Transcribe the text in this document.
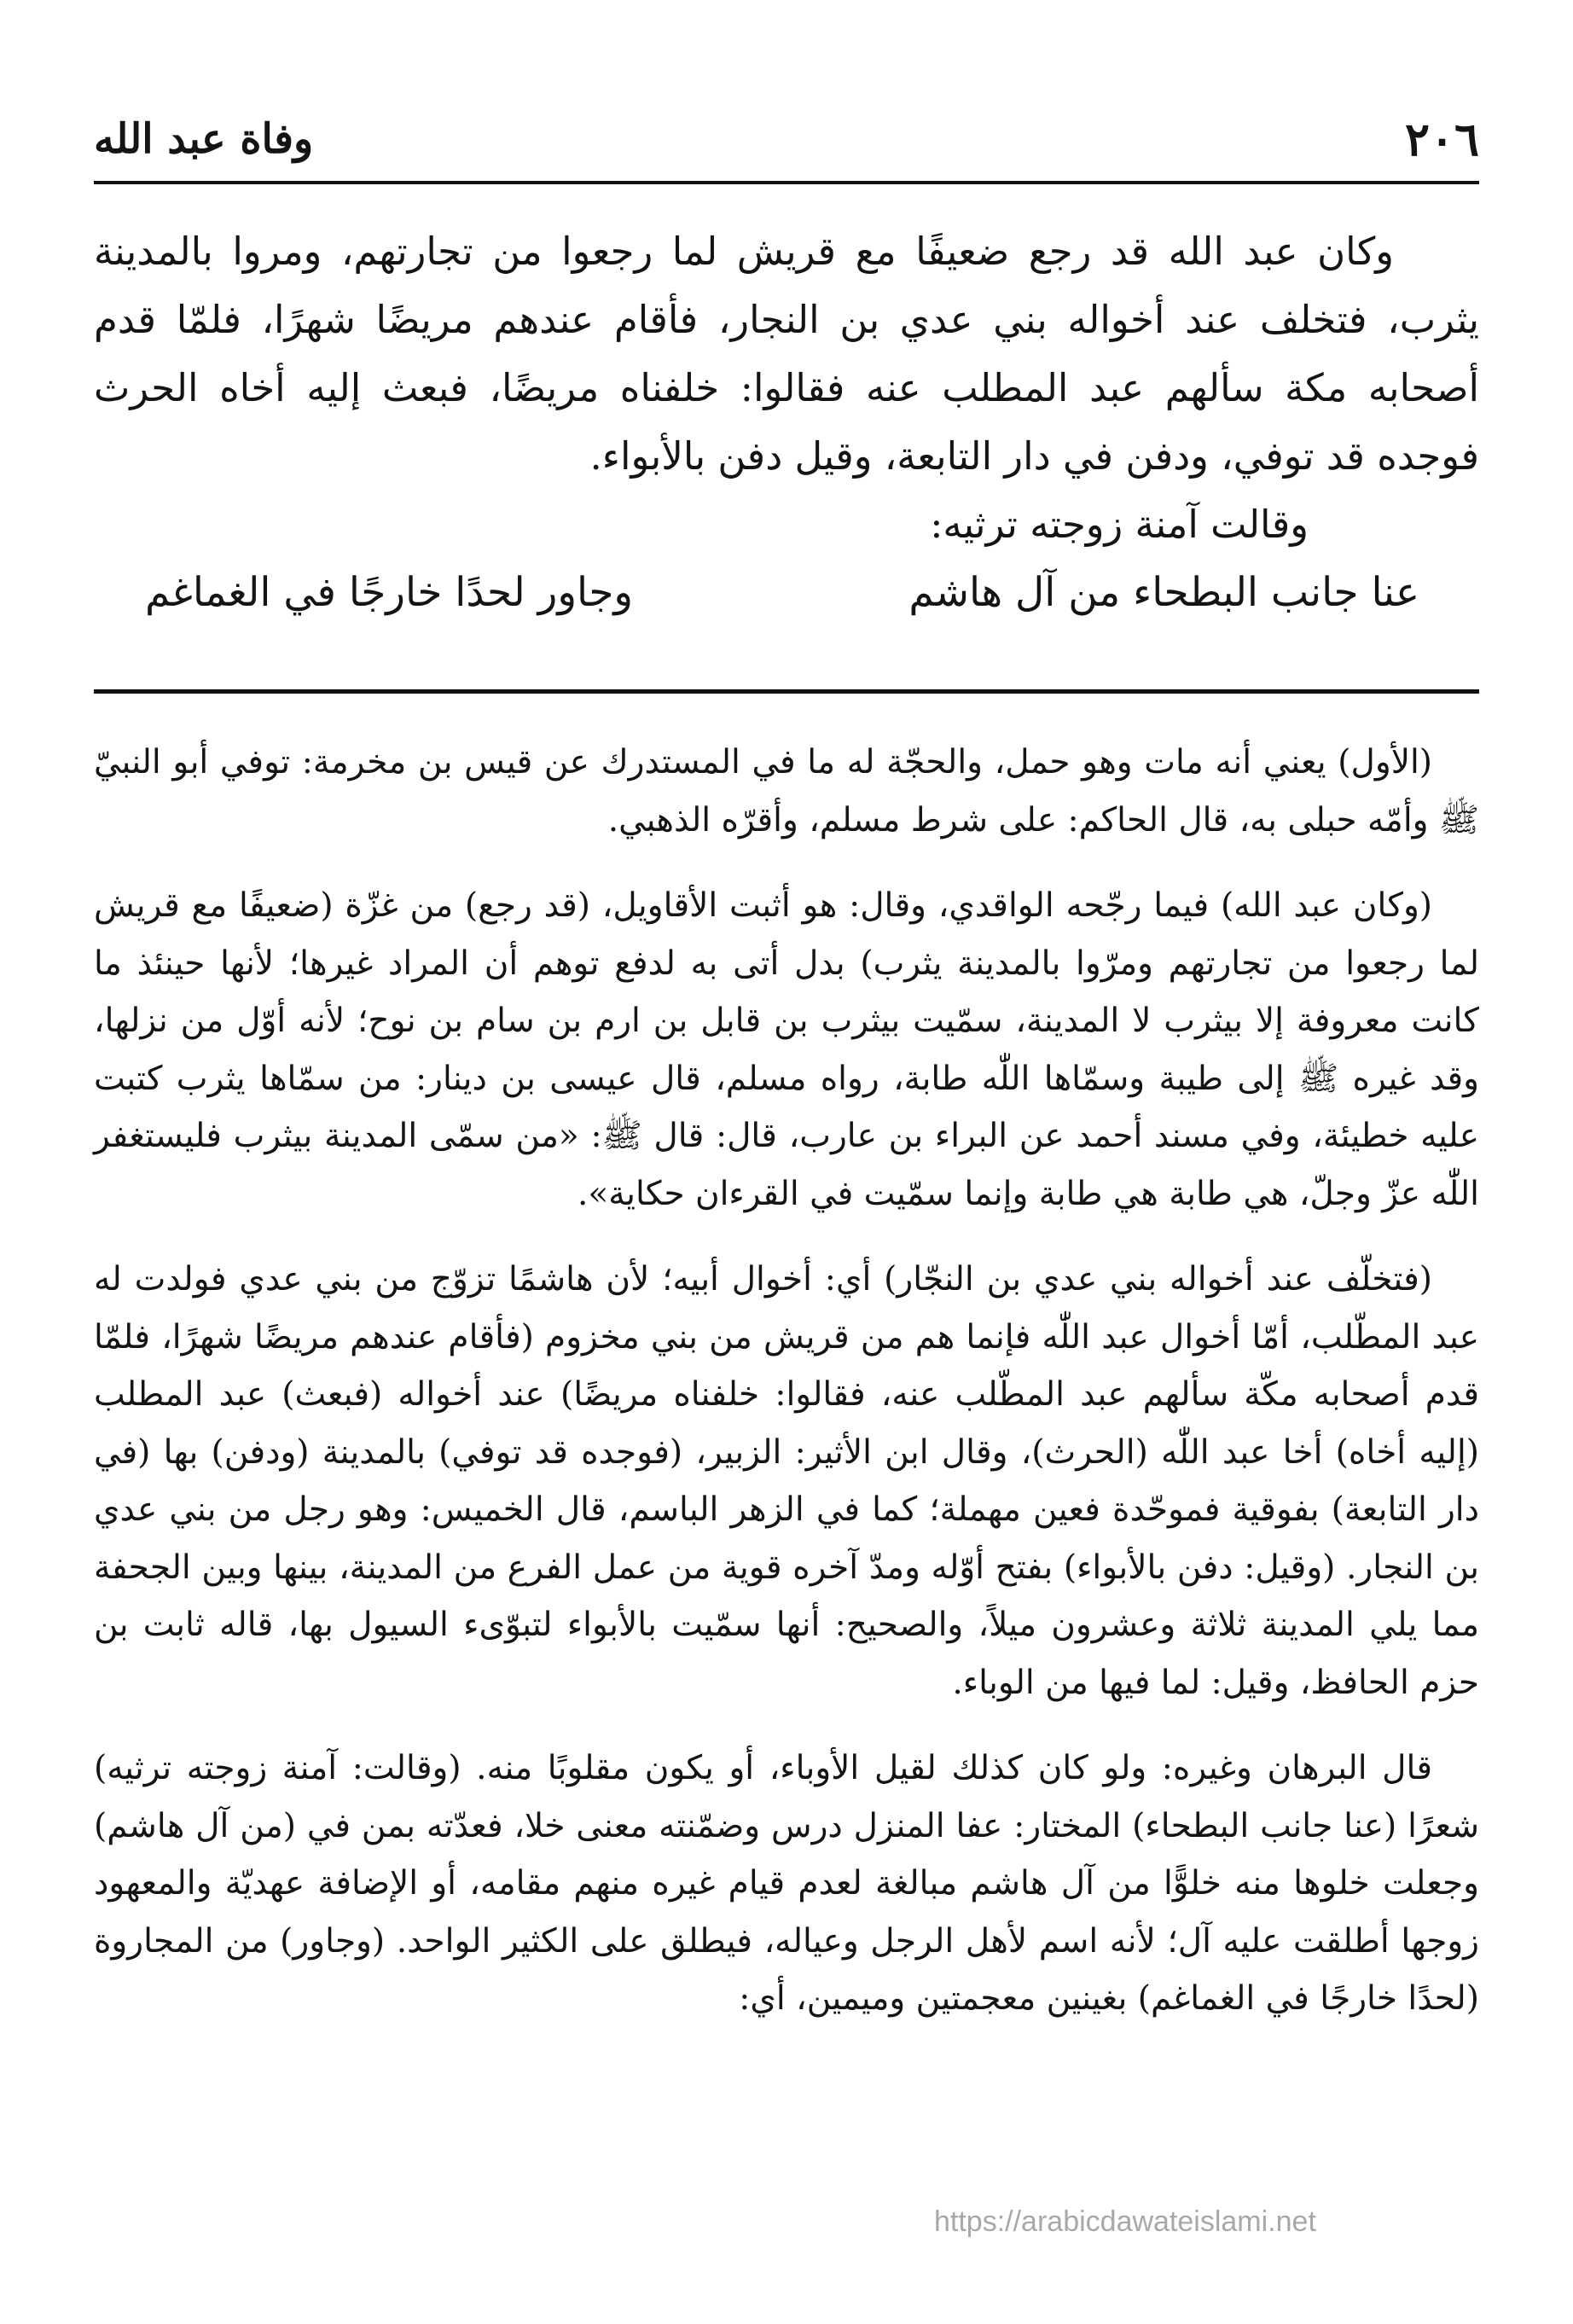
٢٠٦
وفاة عبد الله

وكان عبد الله قد رجع ضعيفًا مع قريش لما رجعوا من تجارتهم، ومروا بالمدينة يثرب، فتخلف عند أخواله بني عدي بن النجار، فأقام عندهم مريضًا شهرًا، فلمّا قدم أصحابه مكة سألهم عبد المطلب عنه فقالوا: خلفناه مريضًا، فبعث إليه أخاه الحرث فوجده قد توفي، ودفن في دار التابعة، وقيل دفن بالأبواء.

وقالت آمنة زوجته ترثيه:

عنا جانب البطحاء من آل هاشم
وجاور لحدًا خارجًا في الغماغم

(الأول) يعني أنه مات وهو حمل، والحجّة له ما في المستدرك عن قيس بن مخرمة: توفي أبو النبيّ ﷺ وأمّه حبلى به، قال الحاكم: على شرط مسلم، وأقرّه الذهبي.

(وكان عبد الله) فيما رجّحه الواقدي، وقال: هو أثبت الأقاويل، (قد رجع) من غزّة (ضعيفًا مع قريش لما رجعوا من تجارتهم ومرّوا بالمدينة يثرب) بدل أتى به لدفع توهم أن المراد غيرها؛ لأنها حينئذ ما كانت معروفة إلا بيثرب لا المدينة، سمّيت بيثرب بن قابل بن ارم بن سام بن نوح؛ لأنه أوّل من نزلها، وقد غيره ﷺ إلى طيبة وسمّاها اللّٰه طابة، رواه مسلم، قال عيسى بن دينار: من سمّاها يثرب كتبت عليه خطيئة، وفي مسند أحمد عن البراء بن عارب، قال: قال ﷺ: «من سمّى المدينة بيثرب فليستغفر اللّٰه عزّ وجلّ، هي طابة هي طابة وإنما سمّيت في القرءان حكاية».

(فتخلّف عند أخواله بني عدي بن النجّار) أي: أخوال أبيه؛ لأن هاشمًا تزوّج من بني عدي فولدت له عبد المطّلب، أمّا أخوال عبد اللّٰه فإنما هم من قريش من بني مخزوم (فأقام عندهم مريضًا شهرًا، فلمّا قدم أصحابه مكّة سألهم عبد المطّلب عنه، فقالوا: خلفناه مريضًا) عند أخواله (فبعث) عبد المطلب (إليه أخاه) أخا عبد اللّٰه (الحرث)، وقال ابن الأثير: الزبير، (فوجده قد توفي) بالمدينة (ودفن) بها (في دار التابعة) بفوقية فموحّدة فعين مهملة؛ كما في الزهر الباسم، قال الخميس: وهو رجل من بني عدي بن النجار. (وقيل: دفن بالأبواء) بفتح أوّله ومدّ آخره قوية من عمل الفرع من المدينة، بينها وبين الجحفة مما يلي المدينة ثلاثة وعشرون ميلاً، والصحيح: أنها سمّيت بالأبواء لتبوّىء السيول بها، قاله ثابت بن حزم الحافظ، وقيل: لما فيها من الوباء.

قال البرهان وغيره: ولو كان كذلك لقيل الأوباء، أو يكون مقلوبًا منه. (وقالت: آمنة زوجته ترثيه) شعرًا (عنا جانب البطحاء) المختار: عفا المنزل درس وضمّنته معنى خلا، فعدّته بمن في (من آل هاشم) وجعلت خلوها منه خلوًّا من آل هاشم مبالغة لعدم قيام غيره منهم مقامه، أو الإضافة عهديّة والمعهود زوجها أطلقت عليه آل؛ لأنه اسم لأهل الرجل وعياله، فيطلق على الكثير الواحد. (وجاور) من المجاروة (لحدًا خارجًا في الغماغم) بغينين معجمتين وميمين، أي:

https://arabicdawateislami.net
